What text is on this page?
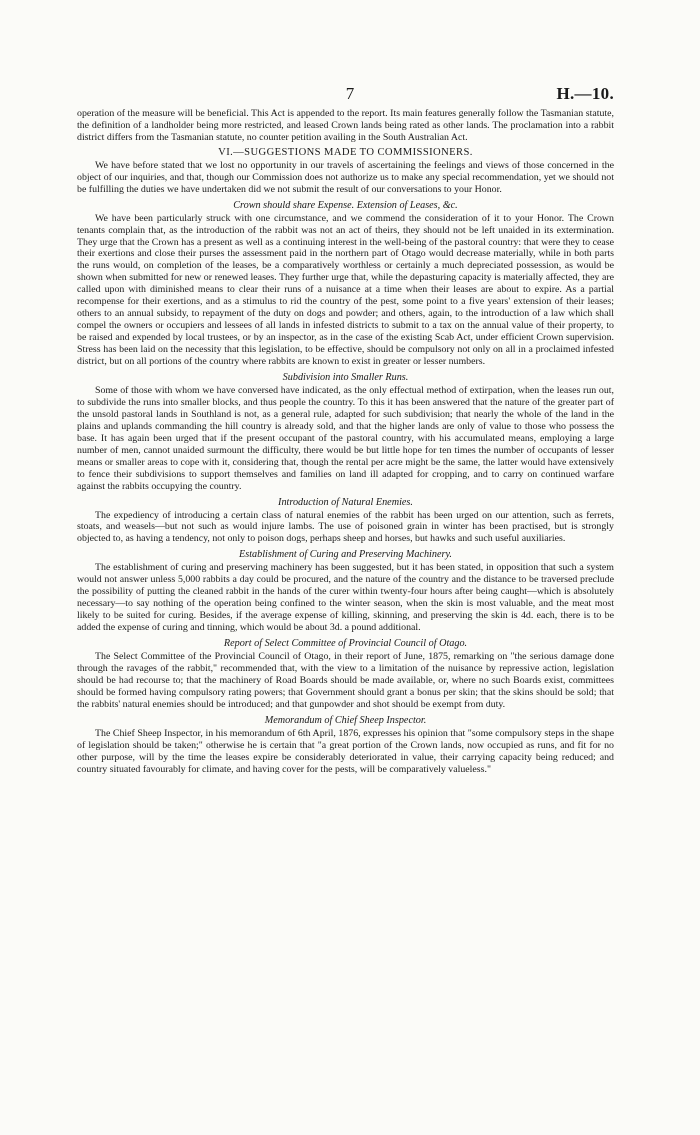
7	H.—10.

operation of the measure will be beneficial. This Act is appended to the report. Its main features generally follow the Tasmanian statute, the definition of a landholder being more restricted, and leased Crown lands being rated as other lands. The proclamation into a rabbit district differs from the Tasmanian statute, no counter petition availing in the South Australian Act.

VI.—SUGGESTIONS MADE TO COMMISSIONERS.

We have before stated that we lost no opportunity in our travels of ascertaining the feelings and views of those concerned in the object of our inquiries, and that, though our Commission does not authorize us to make any special recommendation, yet we should not be fulfilling the duties we have undertaken did we not submit the result of our conversations to your Honor.

Crown should share Expense. Extension of Leases, &c.

We have been particularly struck with one circumstance, and we commend the consideration of it to your Honor. The Crown tenants complain that, as the introduction of the rabbit was not an act of theirs, they should not be left unaided in its extermination. They urge that the Crown has a present as well as a continuing interest in the well-being of the pastoral country: that were they to cease their exertions and close their purses the assessment paid in the northern part of Otago would decrease materially, while in both parts the runs would, on completion of the leases, be a comparatively worthless or certainly a much depreciated possession, as would be shown when submitted for new or renewed leases. They further urge that, while the depasturing capacity is materially affected, they are called upon with diminished means to clear their runs of a nuisance at a time when their leases are about to expire. As a partial recompense for their exertions, and as a stimulus to rid the country of the pest, some point to a five years' extension of their leases; others to an annual subsidy, to repayment of the duty on dogs and powder; and others, again, to the introduction of a law which shall compel the owners or occupiers and lessees of all lands in infested districts to submit to a tax on the annual value of their property, to be raised and expended by local trustees, or by an inspector, as in the case of the existing Scab Act, under efficient Crown supervision. Stress has been laid on the necessity that this legislation, to be effective, should be compulsory not only on all in a proclaimed infested district, but on all portions of the country where rabbits are known to exist in greater or lesser numbers.

Subdivision into Smaller Runs.

Some of those with whom we have conversed have indicated, as the only effectual method of extirpation, when the leases run out, to subdivide the runs into smaller blocks, and thus people the country. To this it has been answered that the nature of the greater part of the unsold pastoral lands in Southland is not, as a general rule, adapted for such subdivision; that nearly the whole of the land in the plains and uplands commanding the hill country is already sold, and that the higher lands are only of value to those who possess the base. It has again been urged that if the present occupant of the pastoral country, with his accumulated means, employing a large number of men, cannot unaided surmount the difficulty, there would be but little hope for ten times the number of occupants of lesser means or smaller areas to cope with it, considering that, though the rental per acre might be the same, the latter would have extensively to fence their subdivisions to support themselves and families on land ill adapted for cropping, and to carry on continued warfare against the rabbits occupying the country.

Introduction of Natural Enemies.

The expediency of introducing a certain class of natural enemies of the rabbit has been urged on our attention, such as ferrets, stoats, and weasels—but not such as would injure lambs. The use of poisoned grain in winter has been practised, but is strongly objected to, as having a tendency, not only to poison dogs, perhaps sheep and horses, but hawks and such useful auxiliaries.

Establishment of Curing and Preserving Machinery.

The establishment of curing and preserving machinery has been suggested, but it has been stated, in opposition that such a system would not answer unless 5,000 rabbits a day could be procured, and the nature of the country and the distance to be traversed preclude the possibility of putting the cleaned rabbit in the hands of the curer within twenty-four hours after being caught—which is absolutely necessary—to say nothing of the operation being confined to the winter season, when the skin is most valuable, and the meat most likely to be suited for curing. Besides, if the average expense of killing, skinning, and preserving the skin is 4d. each, there is to be added the expense of curing and tinning, which would be about 3d. a pound additional.

Report of Select Committee of Provincial Council of Otago.

The Select Committee of the Provincial Council of Otago, in their report of June, 1875, remarking on "the serious damage done through the ravages of the rabbit," recommended that, with the view to a limitation of the nuisance by repressive action, legislation should be had recourse to; that the machinery of Road Boards should be made available, or, where no such Boards exist, committees should be formed having compulsory rating powers; that Government should grant a bonus per skin; that the skins should be sold; that the rabbits' natural enemies should be introduced; and that gunpowder and shot should be exempt from duty.

Memorandum of Chief Sheep Inspector.

The Chief Sheep Inspector, in his memorandum of 6th April, 1876, expresses his opinion that "some compulsory steps in the shape of legislation should be taken;" otherwise he is certain that "a great portion of the Crown lands, now occupied as runs, and fit for no other purpose, will by the time the leases expire be considerably deteriorated in value, their carrying capacity being reduced; and country situated favourably for climate, and having cover for the pests, will be comparatively valueless."
